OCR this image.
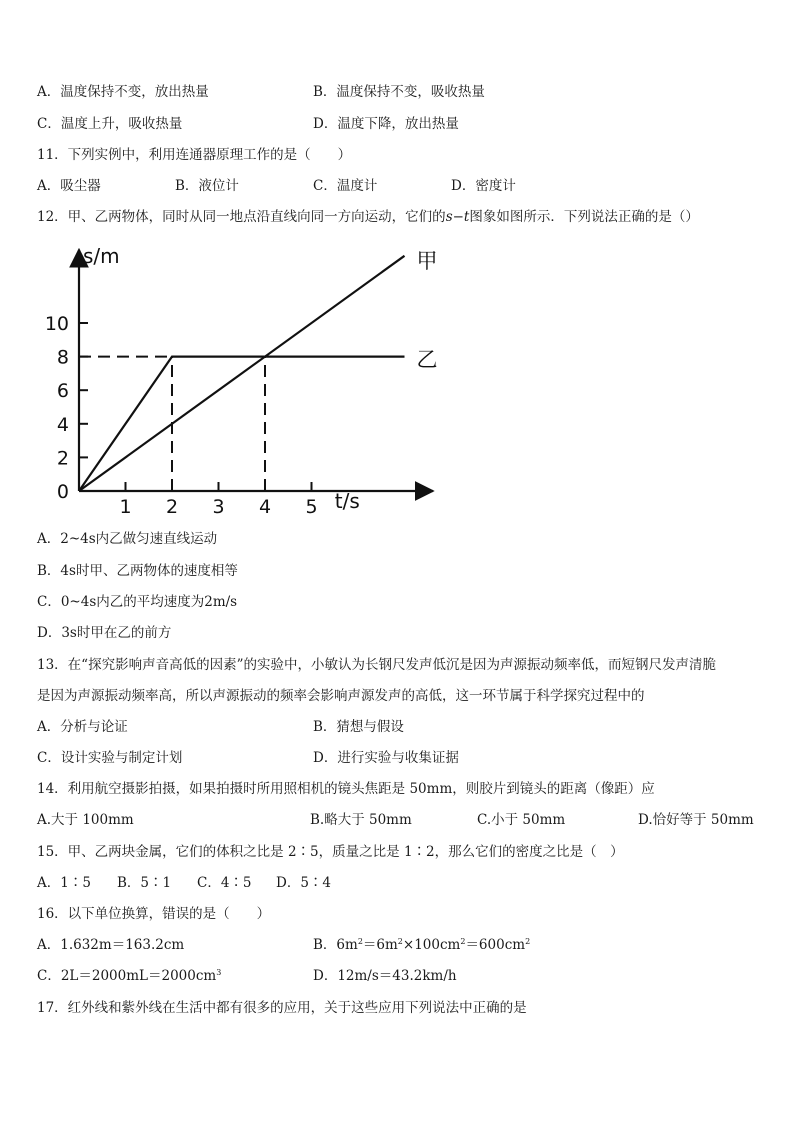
A．温度保持不变，放出热量	B．温度保持不变，吸收热量
C．温度上升，吸收热量	D．温度下降，放出热量
11．下列实例中，利用连通器原理工作的是（　　）
A．吸尘器	B．液位计	C．温度计	D．密度计
12．甲、乙两物体，同时从同一地点沿直线向同一方向运动，它们的s−t图象如图所示．下列说法正确的是（）
s/m
t/s
甲
乙
0
2
4
6
8
10
1 2 3 4 5
A．2~4s内乙做匀速直线运动
B．4s时甲、乙两物体的速度相等
C．0~4s内乙的平均速度为2m/s
D．3s时甲在乙的前方
13．在“探究影响声音高低的因素”的实验中，小敏认为长钢尺发声低沉是因为声源振动频率低，而短钢尺发声清脆
是因为声源振动频率高，所以声源振动的频率会影响声源发声的高低，这一环节属于科学探究过程中的
A．分析与论证	B．猜想与假设
C．设计实验与制定计划	D．进行实验与收集证据
14．利用航空摄影拍摄，如果拍摄时所用照相机的镜头焦距是 50mm，则胶片到镜头的距离（像距）应
A.大于 100mm	B.略大于 50mm	C.小于 50mm	D.恰好等于 50mm
15．甲、乙两块金属，它们的体积之比是 2∶5，质量之比是 1∶2，那么它们的密度之比是（　）
A．1∶5 B．5∶1 C．4∶5 D．5∶4
16．以下单位换算，错误的是（　　）
A．1.632m＝163.2cm	B．$6m^2=6m^2\times 100cm^2=600cm^2$
C．$2L=2000mL=2000cm^3$	D．12m/s＝43.2km/h
17．红外线和紫外线在生活中都有很多的应用，关于这些应用下列说法中正确的是
